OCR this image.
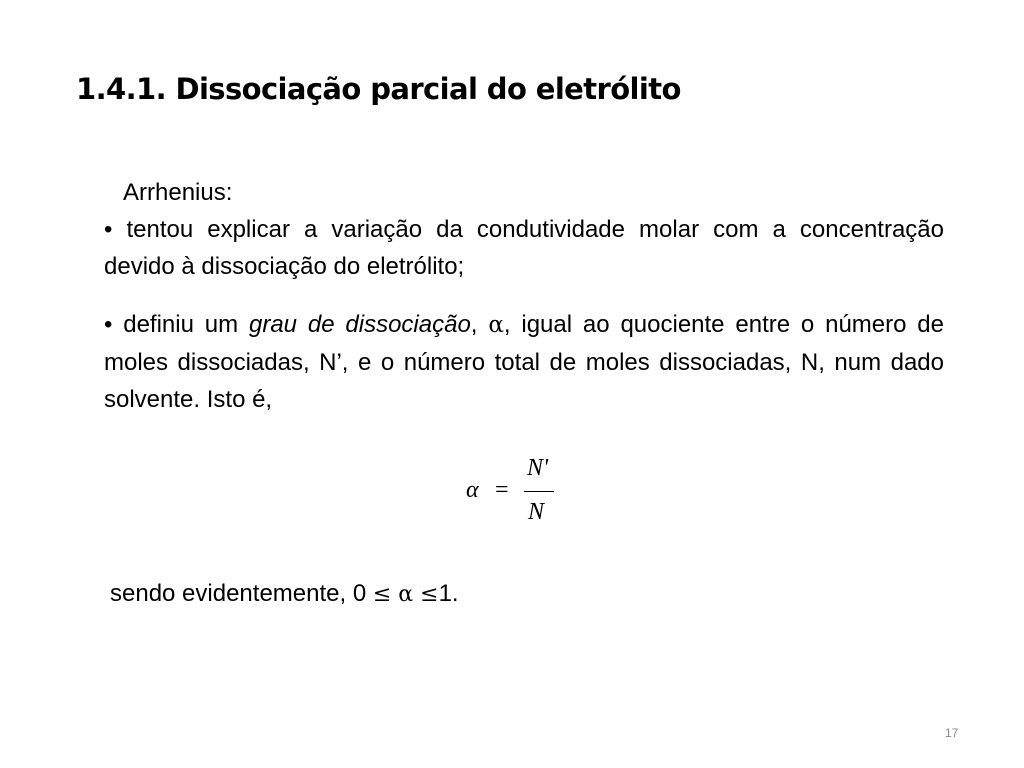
1.4.1. Dissociação parcial do eletrólito
Arrhenius:
• tentou explicar a variação da condutividade molar com a concentração devido à dissociação do eletrólito;
• definiu um grau de dissociação, α, igual ao quociente entre o número de moles dissociadas, N’, e o número total de moles dissociadas, N, num dado solvente. Isto é,
α =
N'
N
sendo evidentemente, 0 ≤ α ≤1.
17
